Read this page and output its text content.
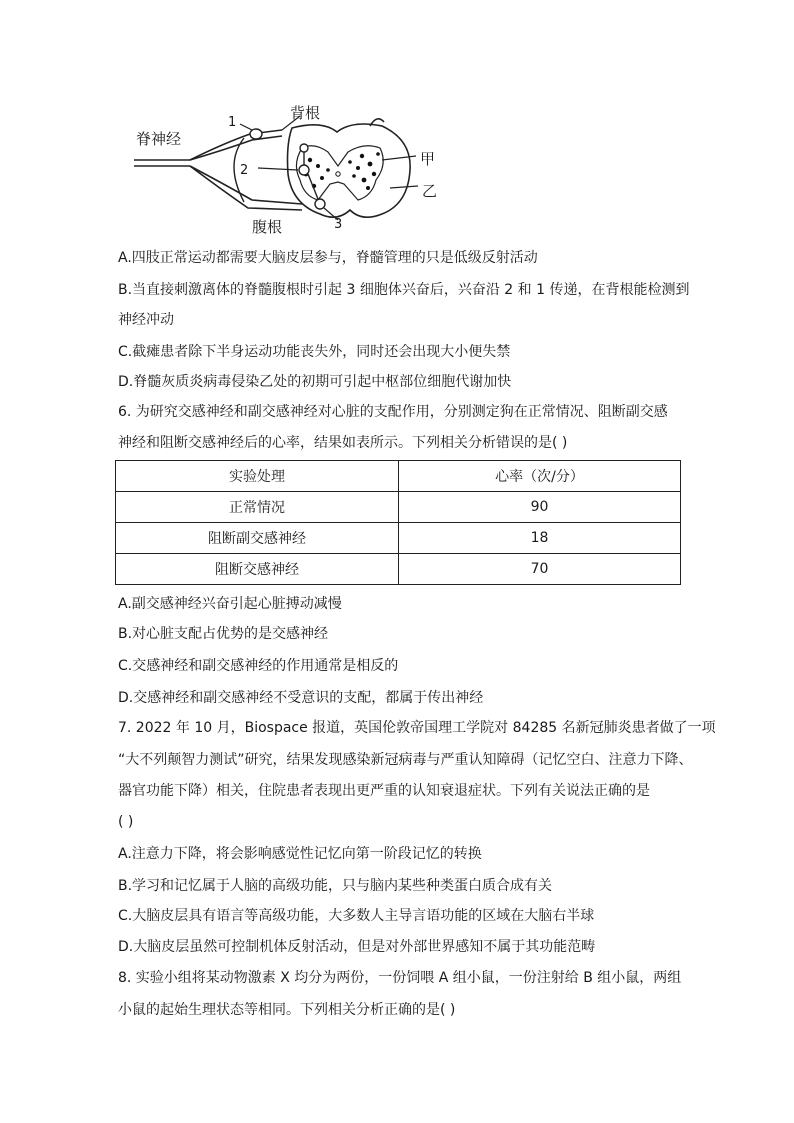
脊神经
1
背根
2
甲
乙
腹根	3
A.四肢正常运动都需要大脑皮层参与，脊髓管理的只是低级反射活动
B.当直接刺激离体的脊髓腹根时引起 3 细胞体兴奋后，兴奋沿 2 和 1 传递，在背根能检测到
神经冲动
C.截瘫患者除下半身运动功能丧失外，同时还会出现大小便失禁
D.脊髓灰质炎病毒侵染乙处的初期可引起中枢部位细胞代谢加快
6. 为研究交感神经和副交感神经对心脏的支配作用，分别测定狗在正常情况、阻断副交感
神经和阻断交感神经后的心率，结果如表所示。下列相关分析错误的是( )
实验处理	心率（次/分）
正常情况	90
阻断副交感神经	18
阻断交感神经	70
A.副交感神经兴奋引起心脏搏动减慢
B.对心脏支配占优势的是交感神经
C.交感神经和副交感神经的作用通常是相反的
D.交感神经和副交感神经不受意识的支配，都属于传出神经
7. 2022 年 10 月，Biospace 报道，英国伦敦帝国理工学院对 84285 名新冠肺炎患者做了一项
“大不列颠智力测试”研究，结果发现感染新冠病毒与严重认知障碍（记忆空白、注意力下降、
器官功能下降）相关，住院患者表现出更严重的认知衰退症状。下列有关说法正确的是
( )
A.注意力下降，将会影响感觉性记忆向第一阶段记忆的转换
B.学习和记忆属于人脑的高级功能，只与脑内某些种类蛋白质合成有关
C.大脑皮层具有语言等高级功能，大多数人主导言语功能的区域在大脑右半球
D.大脑皮层虽然可控制机体反射活动，但是对外部世界感知不属于其功能范畴
8. 实验小组将某动物激素 X 均分为两份，一份饲喂 A 组小鼠，一份注射给 B 组小鼠，两组
小鼠的起始生理状态等相同。下列相关分析正确的是( )
